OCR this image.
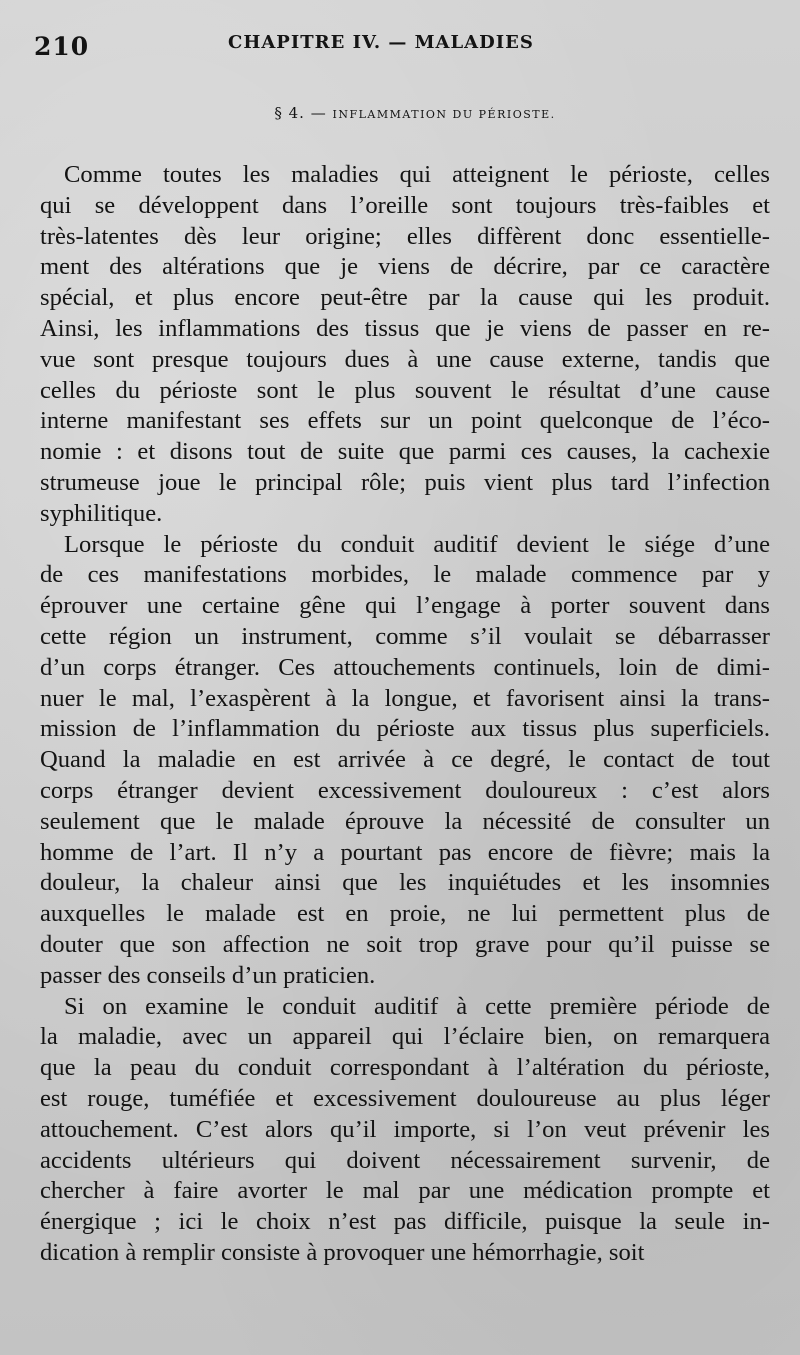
210	CHAPITRE IV. — MALADIES
§ 4. — INFLAMMATION DU PÉRIOSTE.
Comme toutes les maladies qui atteignent le périoste, celles
qui se développent dans l’oreille sont toujours très-faibles et
très-latentes dès leur origine; elles diffèrent donc essentielle-
ment des altérations que je viens de décrire, par ce caractère
spécial, et plus encore peut-être par la cause qui les produit.
Ainsi, les inflammations des tissus que je viens de passer en re-
vue sont presque toujours dues à une cause externe, tandis que
celles du périoste sont le plus souvent le résultat d’une cause
interne manifestant ses effets sur un point quelconque de l’éco-
nomie : et disons tout de suite que parmi ces causes, la cachexie
strumeuse joue le principal rôle; puis vient plus tard l’infection
syphilitique.
Lorsque le périoste du conduit auditif devient le siége d’une
de ces manifestations morbides, le malade commence par y
éprouver une certaine gêne qui l’engage à porter souvent dans
cette région un instrument, comme s’il voulait se débarrasser
d’un corps étranger. Ces attouchements continuels, loin de dimi-
nuer le mal, l’exaspèrent à la longue, et favorisent ainsi la trans-
mission de l’inflammation du périoste aux tissus plus superficiels.
Quand la maladie en est arrivée à ce degré, le contact de tout
corps étranger devient excessivement douloureux : c’est alors
seulement que le malade éprouve la nécessité de consulter un
homme de l’art. Il n’y a pourtant pas encore de fièvre; mais la
douleur, la chaleur ainsi que les inquiétudes et les insomnies
auxquelles le malade est en proie, ne lui permettent plus de
douter que son affection ne soit trop grave pour qu’il puisse se
passer des conseils d’un praticien.
Si on examine le conduit auditif à cette première période de
la maladie, avec un appareil qui l’éclaire bien, on remarquera
que la peau du conduit correspondant à l’altération du périoste,
est rouge, tuméfiée et excessivement douloureuse au plus léger
attouchement. C’est alors qu’il importe, si l’on veut prévenir les
accidents ultérieurs qui doivent nécessairement survenir, de
chercher à faire avorter le mal par une médication prompte et
énergique ; ici le choix n’est pas difficile, puisque la seule in-
dication à remplir consiste à provoquer une hémorrhagie, soit
